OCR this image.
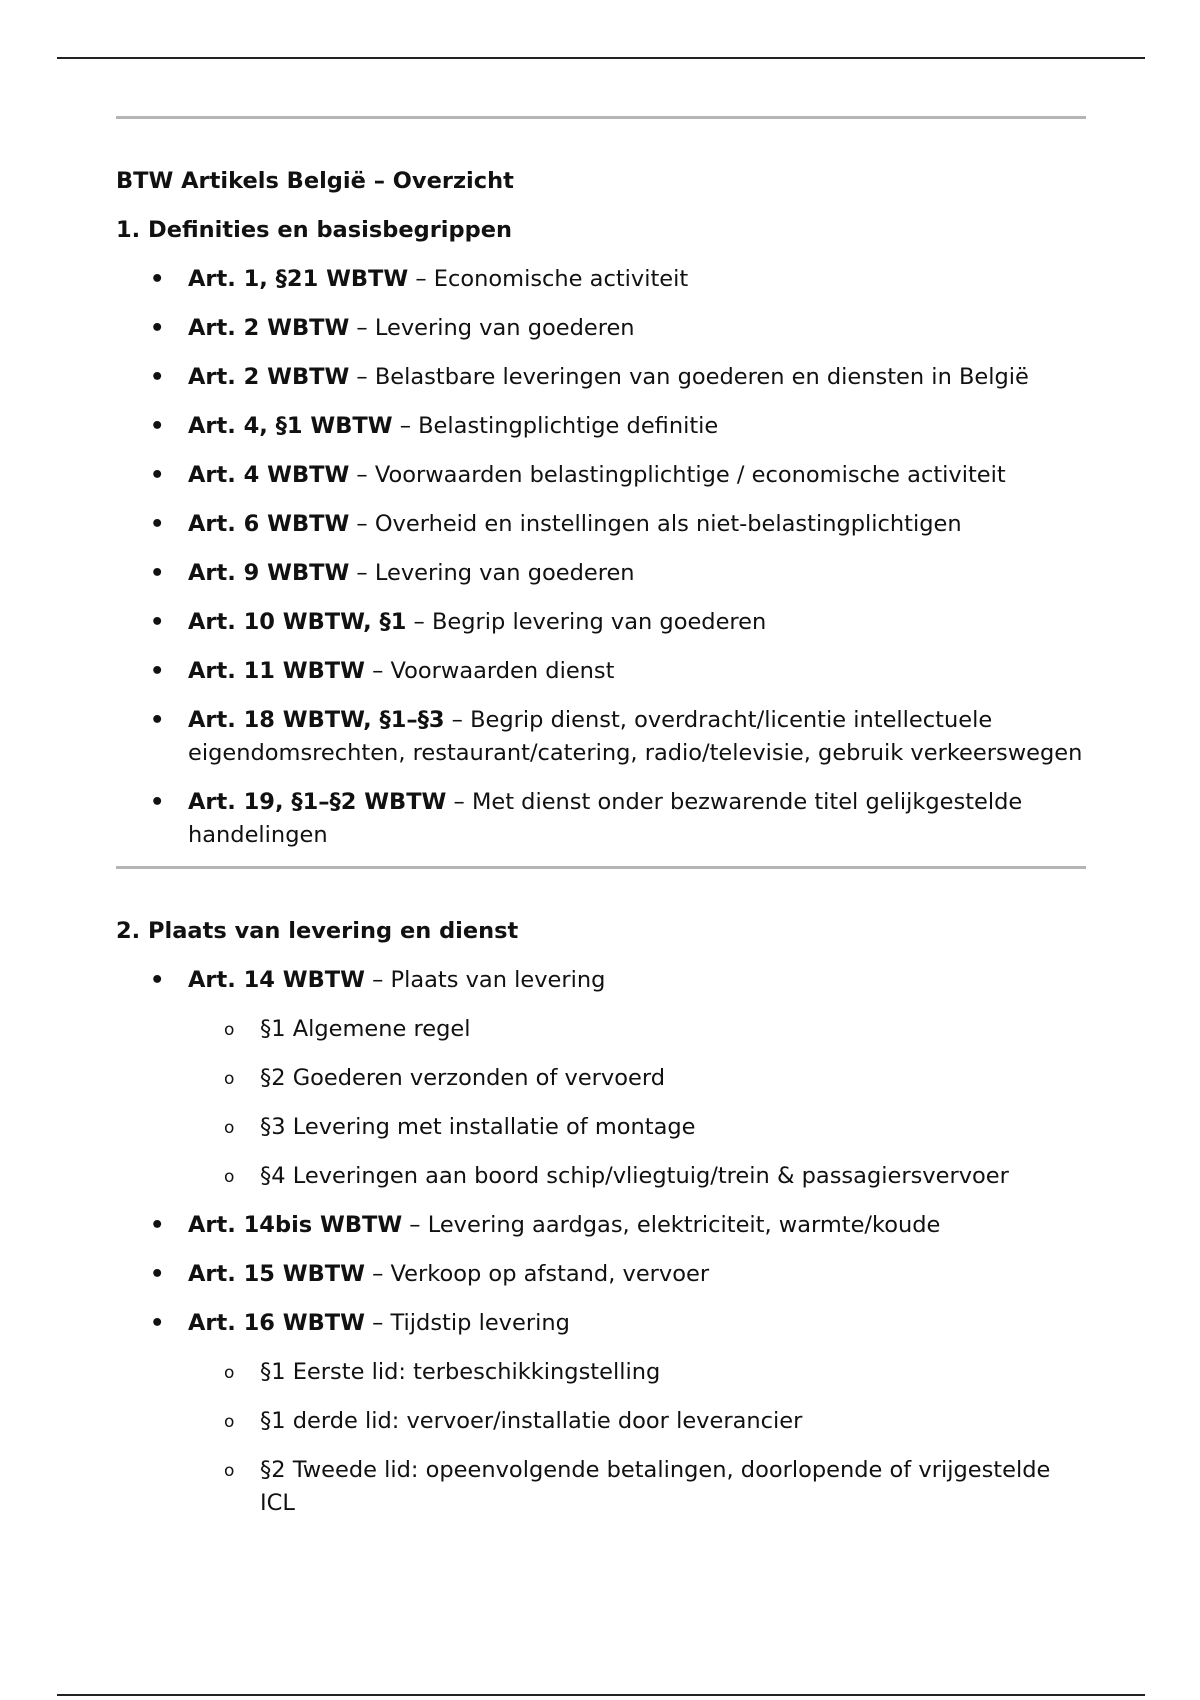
BTW Artikels België – Overzicht
1. Definities en basisbegrippen
• Art. 1, §21 WBTW – Economische activiteit
• Art. 2 WBTW – Levering van goederen
• Art. 2 WBTW – Belastbare leveringen van goederen en diensten in België
• Art. 4, §1 WBTW – Belastingplichtige definitie
• Art. 4 WBTW – Voorwaarden belastingplichtige / economische activiteit
• Art. 6 WBTW – Overheid en instellingen als niet-belastingplichtigen
• Art. 9 WBTW – Levering van goederen
• Art. 10 WBTW, §1 – Begrip levering van goederen
• Art. 11 WBTW – Voorwaarden dienst
• Art. 18 WBTW, §1–§3 – Begrip dienst, overdracht/licentie intellectuele eigendomsrechten, restaurant/catering, radio/televisie, gebruik verkeerswegen
• Art. 19, §1–§2 WBTW – Met dienst onder bezwarende titel gelijkgestelde handelingen
2. Plaats van levering en dienst
• Art. 14 WBTW – Plaats van levering
o §1 Algemene regel
o §2 Goederen verzonden of vervoerd
o §3 Levering met installatie of montage
o §4 Leveringen aan boord schip/vliegtuig/trein & passagiersvervoer
• Art. 14bis WBTW – Levering aardgas, elektriciteit, warmte/koude
• Art. 15 WBTW – Verkoop op afstand, vervoer
• Art. 16 WBTW – Tijdstip levering
o §1 Eerste lid: terbeschikkingstelling
o §1 derde lid: vervoer/installatie door leverancier
o §2 Tweede lid: opeenvolgende betalingen, doorlopende of vrijgestelde ICL
